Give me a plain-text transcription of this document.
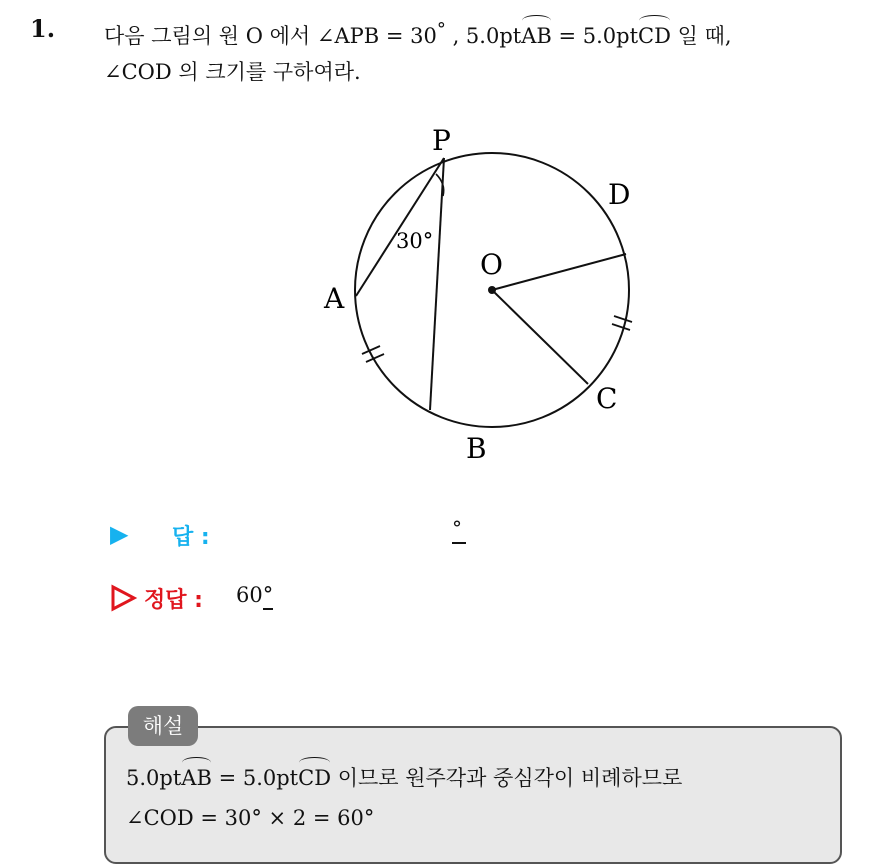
1. 다음 그림의 원 O 에서 ∠APB = 30° , 5.0ptAB = 5.0ptCD 일 때,
∠COD 의 크기를 구하여라.
P
D
O
A
C
B
30°
▶ 답 :	°
정답 : 60°
해설
5.0ptAB = 5.0ptCD 이므로 원주각과 중심각이 비례하므로
∠COD = 30° × 2 = 60°
